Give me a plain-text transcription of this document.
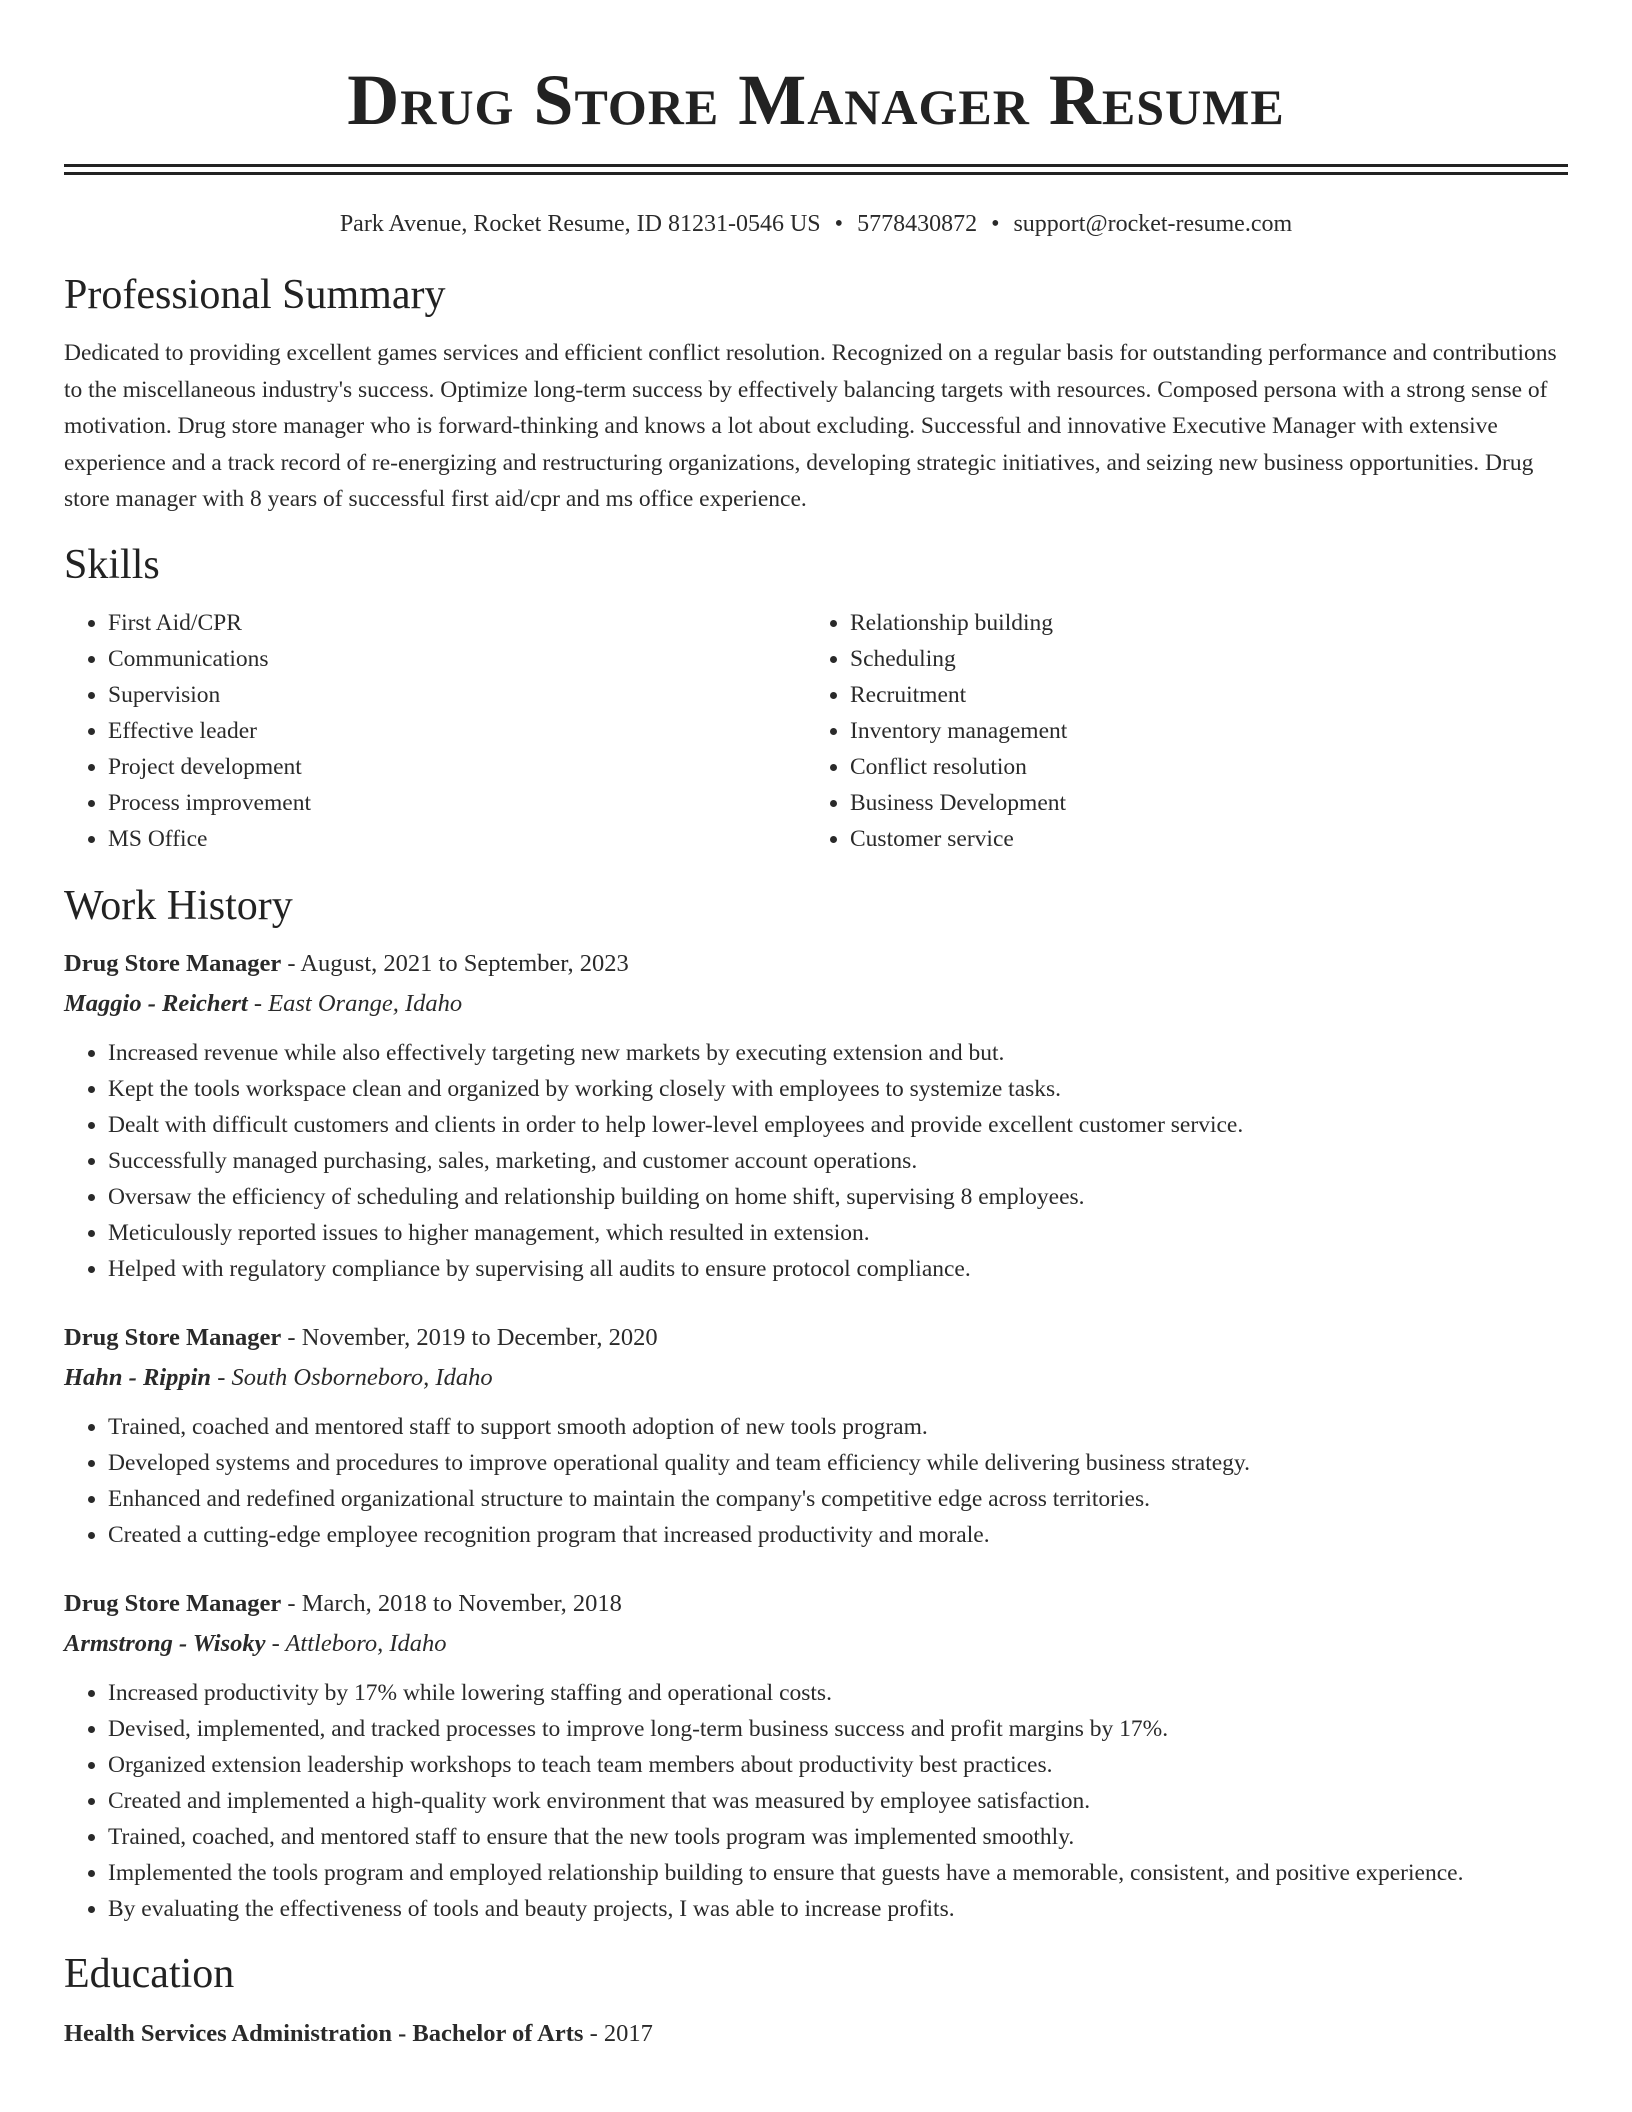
Drug Store Manager Resume
Park Avenue, Rocket Resume, ID 81231-0546 US • 5778430872 • support@rocket-resume.com
Professional Summary

Dedicated to providing excellent games services and efficient conflict resolution. Recognized on a regular basis for outstanding performance and contributions to the miscellaneous industry's success. Optimize long-term success by effectively balancing targets with resources. Composed persona with a strong sense of motivation. Drug store manager who is forward-thinking and knows a lot about excluding. Successful and innovative Executive Manager with extensive experience and a track record of re-energizing and restructuring organizations, developing strategic initiatives, and seizing new business opportunities. Drug store manager with 8 years of successful first aid/cpr and ms office experience.

Skills
• First Aid/CPR
• Communications
• Supervision
• Effective leader
• Project development
• Process improvement
• MS Office
• Relationship building
• Scheduling
• Recruitment
• Inventory management
• Conflict resolution
• Business Development
• Customer service
Work History
Drug Store Manager - August, 2021 to September, 2023
Maggio - Reichert - East Orange, Idaho
• Increased revenue while also effectively targeting new markets by executing extension and but.
• Kept the tools workspace clean and organized by working closely with employees to systemize tasks.
• Dealt with difficult customers and clients in order to help lower-level employees and provide excellent customer service.
• Successfully managed purchasing, sales, marketing, and customer account operations.
• Oversaw the efficiency of scheduling and relationship building on home shift, supervising 8 employees.
• Meticulously reported issues to higher management, which resulted in extension.
• Helped with regulatory compliance by supervising all audits to ensure protocol compliance.
Drug Store Manager - November, 2019 to December, 2020
Hahn - Rippin - South Osborneboro, Idaho
• Trained, coached and mentored staff to support smooth adoption of new tools program.
• Developed systems and procedures to improve operational quality and team efficiency while delivering business strategy.
• Enhanced and redefined organizational structure to maintain the company's competitive edge across territories.
• Created a cutting-edge employee recognition program that increased productivity and morale.
Drug Store Manager - March, 2018 to November, 2018
Armstrong - Wisoky - Attleboro, Idaho
• Increased productivity by 17% while lowering staffing and operational costs.
• Devised, implemented, and tracked processes to improve long-term business success and profit margins by 17%.
• Organized extension leadership workshops to teach team members about productivity best practices.
• Created and implemented a high-quality work environment that was measured by employee satisfaction.
• Trained, coached, and mentored staff to ensure that the new tools program was implemented smoothly.
• Implemented the tools program and employed relationship building to ensure that guests have a memorable, consistent, and positive experience.
• By evaluating the effectiveness of tools and beauty projects, I was able to increase profits.
Education
Health Services Administration - Bachelor of Arts - 2017
